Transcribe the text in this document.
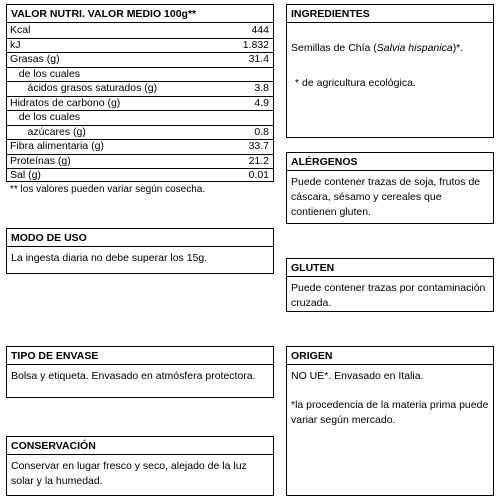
VALOR NUTRI. VALOR MEDIO 100g**
Kcal	444
kJ	1.832
Grasas (g)	31.4
de los cuales
ácidos grasos saturados (g)	3.8
Hidratos de carbono (g)	4.9
de los cuales
azúcares (g)	0.8
Fibra alimentaria (g)	33.7
Proteínas (g)	21.2
Sal (g)	0.01
** los valores pueden variar según cosecha.
INGREDIENTES

Semillas de Chía (Salvia hispanica)*.

* de agricultura ecológica.

ALÉRGENOS

Puede contener trazas de soja, frutos de cáscara, sésamo y cereales que contienen gluten.

MODO DE USO

La ingesta diaria no debe superar los 15g.

GLUTEN

Puede contener trazas por contaminación cruzada.

TIPO DE ENVASE

Bolsa y etiqueta. Envasado en atmósfera protectora.

ORIGEN

NO UE*. Envasado en Italia.

*la procedencia de la materia prima puede variar según mercado.

CONSERVACIÓN

Conservar en lugar fresco y seco, alejado de la luz solar y la humedad.
